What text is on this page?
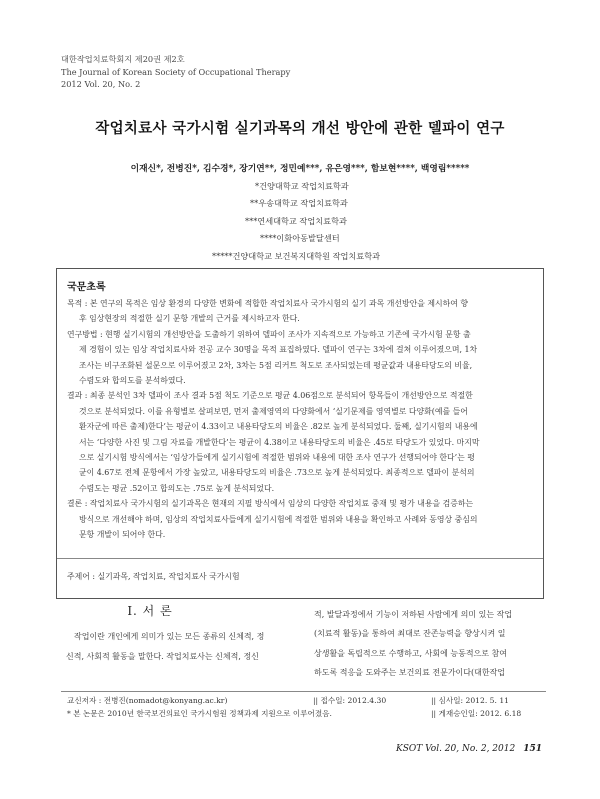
대한작업치료학회지 제20권 제2호
The Journal of Korean Society of Occupational Therapy
2012 Vol. 20, No. 2
작업치료사 국가시험 실기과목의 개선 방안에 관한 델파이 연구
이재신*, 전병진*, 김수경*, 장기연**, 정민예***, 유은영***, 함보현****, 백영림*****
*건양대학교 작업치료학과
**우송대학교 작업치료학과
***연세대학교 작업치료학과
****이화아동발달센터
*****건양대학교 보건복지대학원 작업치료학과
국문초록
목적 : 본 연구의 목적은 임상 환경의 다양한 변화에 적합한 작업치료사 국가시험의 실기 과목 개선방안을 제시하여 향
후 임상현장의 적절한 실기 문항 개발의 근거를 제시하고자 한다.
연구방법 : 현행 실기시험의 개선방안을 도출하기 위하여 델파이 조사가 지속적으로 가능하고 기존에 국가시험 문항 출
제 경험이 있는 임상 작업치료사와 전공 교수 30명을 목적 표집하였다. 델파이 연구는 3차에 걸쳐 이루어졌으며, 1차
조사는 비구조화된 설문으로 이루어졌고 2차, 3차는 5점 리커트 척도로 조사되었는데 평균값과 내용타당도의 비율,
수렴도와 합의도를 분석하였다.
결과 : 최종 분석인 3차 델파이 조사 결과 5점 척도 기준으로 평균 4.06점으로 분석되어 항목들이 개선방안으로 적절한
것으로 분석되었다. 이를 유형별로 살펴보면, 먼저 출제영역의 다양화에서 ‘실기문제를 영역별로 다양화(예를 들어
환자군에 따른 출제)한다’는 평균이 4.33이고 내용타당도의 비율은 .82로 높게 분석되었다. 둘째, 실기시험의 내용에
서는 ‘다양한 사진 및 그림 자료를 개발한다’는 평균이 4.38이고 내용타당도의 비율은 .45로 타당도가 있었다. 마지막
으로 실기시험 방식에서는 ‘임상가들에게 실기시험에 적절한 범위와 내용에 대한 조사 연구가 선행되어야 한다’는 평
균이 4.67로 전체 문항에서 가장 높았고, 내용타당도의 비율은 .73으로 높게 분석되었다. 최종적으로 델파이 분석의
수렴도는 평균 .52이고 합의도는 .75로 높게 분석되었다.
결론 : 작업치료사 국가시험의 실기과목은 현재의 지필 방식에서 임상의 다양한 작업치료 중재 및 평가 내용을 검증하는
방식으로 개선해야 하며, 임상의 작업치료사들에게 실기시험에 적절한 범위와 내용을 확인하고 사례와 동영상 중심의
문항 개발이 되어야 한다.
주제어 : 실기과목, 작업치료, 작업치료사 국가시험
Ⅰ. 서 론
작업이란 개인에게 의미가 있는 모든 종류의 신체적, 정
신적, 사회적 활동을 말한다. 작업치료사는 신체적, 정신
적, 발달과정에서 기능이 저하된 사람에게 의미 있는 작업
(치료적 활동)을 통하여 최대로 잔존능력을 향상시켜 일
상생활을 독립적으로 수행하고, 사회에 능동적으로 참여
하도록 적응을 도와주는 보건의료 전문가이다(대한작업
교신저자 : 전병진(nomadot@konyang.ac.kr)	|| 접수일: 2012.4.30	|| 심사일: 2012. 5. 11
* 본 논문은 2010년 한국보건의료인 국가시험원 정책과제 지원으로 이루어졌음.	|| 게재승인일: 2012. 6.18
KSOT Vol. 20, No. 2, 2012 151
